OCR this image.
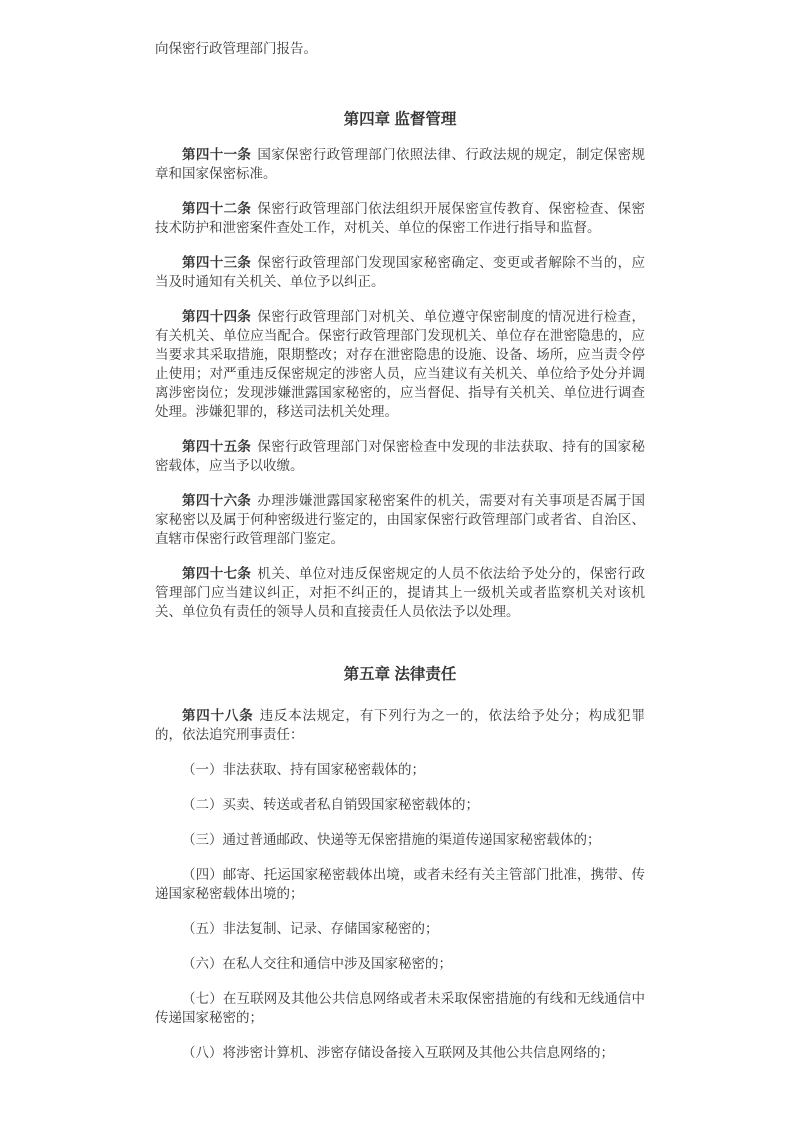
向保密行政管理部门报告。

第四章 监督管理

第四十一条 国家保密行政管理部门依照法律、行政法规的规定，制定保密规章和国家保密标准。

第四十二条 保密行政管理部门依法组织开展保密宣传教育、保密检查、保密技术防护和泄密案件查处工作，对机关、单位的保密工作进行指导和监督。

第四十三条 保密行政管理部门发现国家秘密确定、变更或者解除不当的，应当及时通知有关机关、单位予以纠正。

第四十四条 保密行政管理部门对机关、单位遵守保密制度的情况进行检查，有关机关、单位应当配合。保密行政管理部门发现机关、单位存在泄密隐患的，应当要求其采取措施，限期整改；对存在泄密隐患的设施、设备、场所，应当责令停止使用；对严重违反保密规定的涉密人员，应当建议有关机关、单位给予处分并调离涉密岗位；发现涉嫌泄露国家秘密的，应当督促、指导有关机关、单位进行调查处理。涉嫌犯罪的，移送司法机关处理。

第四十五条 保密行政管理部门对保密检查中发现的非法获取、持有的国家秘密载体，应当予以收缴。

第四十六条 办理涉嫌泄露国家秘密案件的机关，需要对有关事项是否属于国家秘密以及属于何种密级进行鉴定的，由国家保密行政管理部门或者省、自治区、直辖市保密行政管理部门鉴定。

第四十七条 机关、单位对违反保密规定的人员不依法给予处分的，保密行政管理部门应当建议纠正，对拒不纠正的，提请其上一级机关或者监察机关对该机关、单位负有责任的领导人员和直接责任人员依法予以处理。

第五章 法律责任

第四十八条 违反本法规定，有下列行为之一的，依法给予处分；构成犯罪的，依法追究刑事责任：

（一）非法获取、持有国家秘密载体的；

（二）买卖、转送或者私自销毁国家秘密载体的；

（三）通过普通邮政、快递等无保密措施的渠道传递国家秘密载体的；

（四）邮寄、托运国家秘密载体出境，或者未经有关主管部门批准，携带、传递国家秘密载体出境的；

（五）非法复制、记录、存储国家秘密的；

（六）在私人交往和通信中涉及国家秘密的；

（七）在互联网及其他公共信息网络或者未采取保密措施的有线和无线通信中传递国家秘密的；

（八）将涉密计算机、涉密存储设备接入互联网及其他公共信息网络的；
